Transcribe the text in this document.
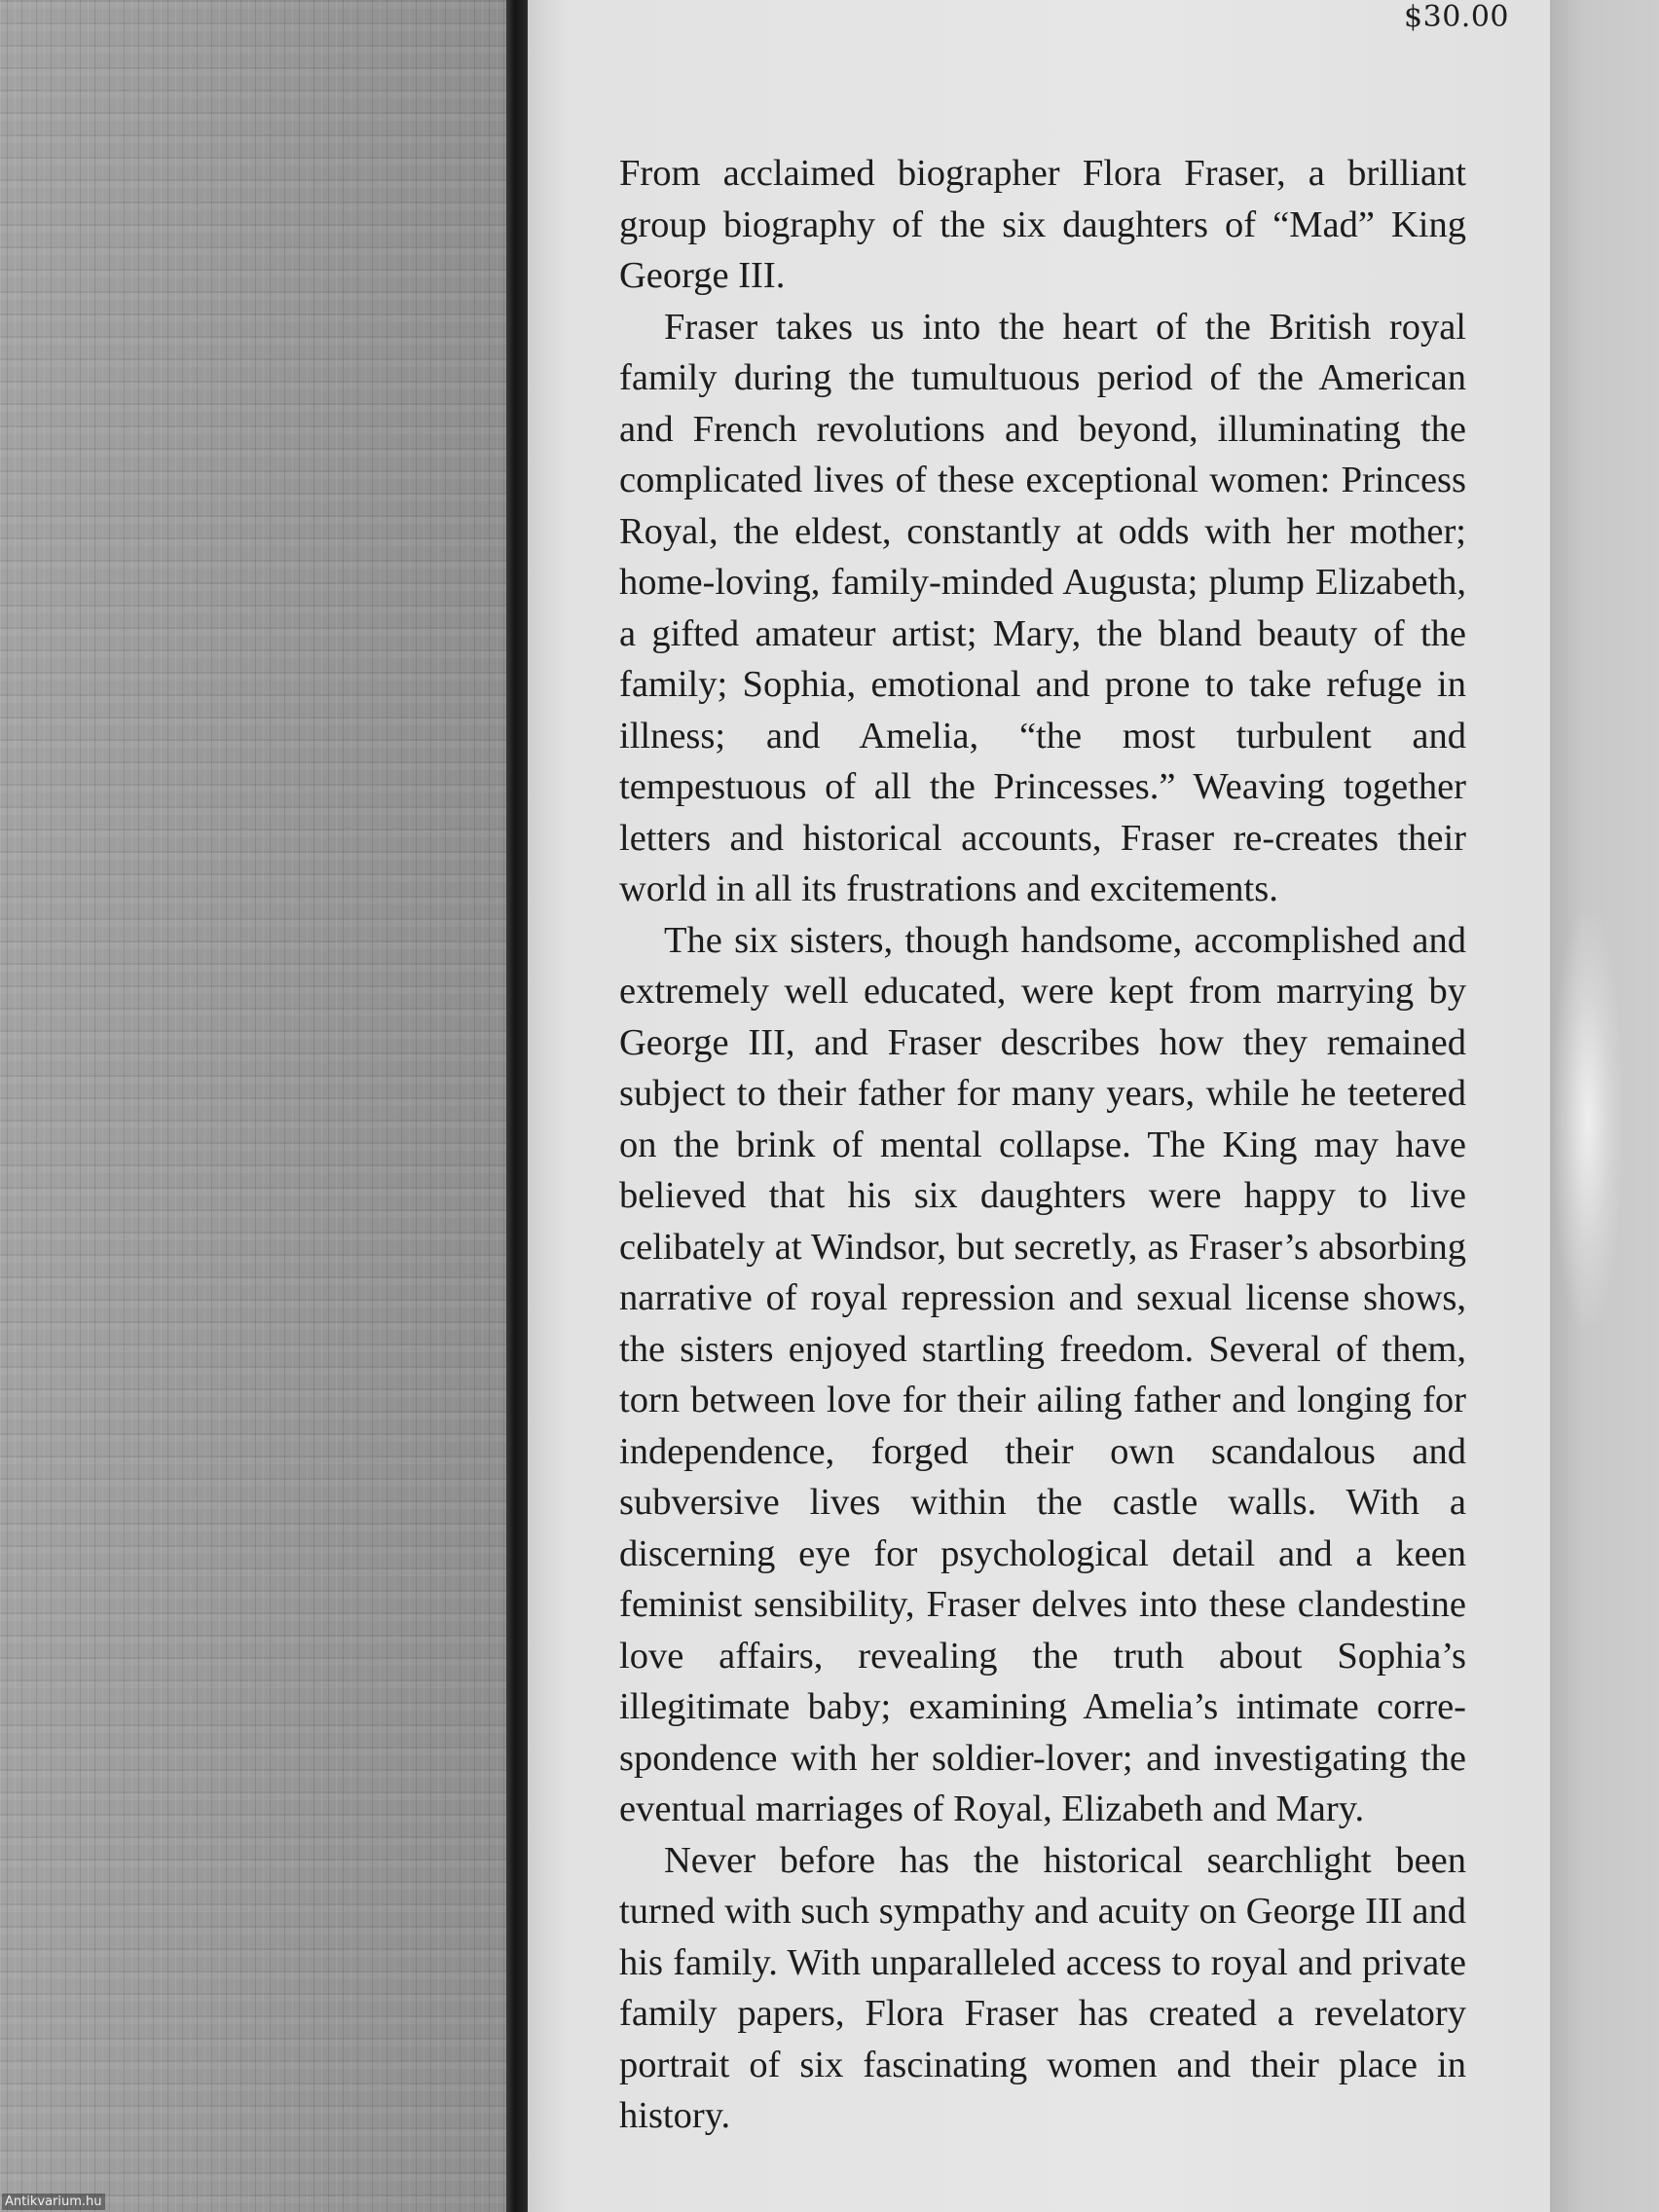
$30.00

From acclaimed biographer Flora Fraser, a brilliant group biography of the six daughters of “Mad” King George III.

Fraser takes us into the heart of the British royal family during the tumultuous period of the American and French revolutions and beyond, illuminating the complicated lives of these exceptional women: Princess Royal, the eldest, constantly at odds with her mother; home-loving, family-minded Augusta; plump Elizabeth, a gifted amateur artist; Mary, the bland beauty of the family; Sophia, emotional and prone to take refuge in illness; and Amelia, “the most turbulent and tempestuous of all the Princesses.” Weaving together letters and historical accounts, Fraser re-creates their world in all its frustrations and excitements.

The six sisters, though handsome, accomplished and extremely well educated, were kept from marrying by George III, and Fraser describes how they remained subject to their father for many years, while he teetered on the brink of mental collapse. The King may have believed that his six daughters were happy to live celibately at Windsor, but secretly, as Fraser’s absorbing narrative of royal repression and sexual license shows, the sisters enjoyed startling freedom. Several of them, torn between love for their ailing father and longing for independence, forged their own scandalous and subversive lives within the castle walls. With a discerning eye for psychological detail and a keen feminist sensibility, Fraser delves into these clandestine love affairs, revealing the truth about Sophia’s illegitimate baby; examining Amelia’s intimate correspondence with her soldier-lover; and investigating the eventual marriages of Royal, Elizabeth and Mary.

Never before has the historical searchlight been turned with such sympathy and acuity on George III and his family. With unparalleled access to royal and private family papers, Flora Fraser has created a revelatory portrait of six fascinating women and their place in history.

Antikvarium.hu
